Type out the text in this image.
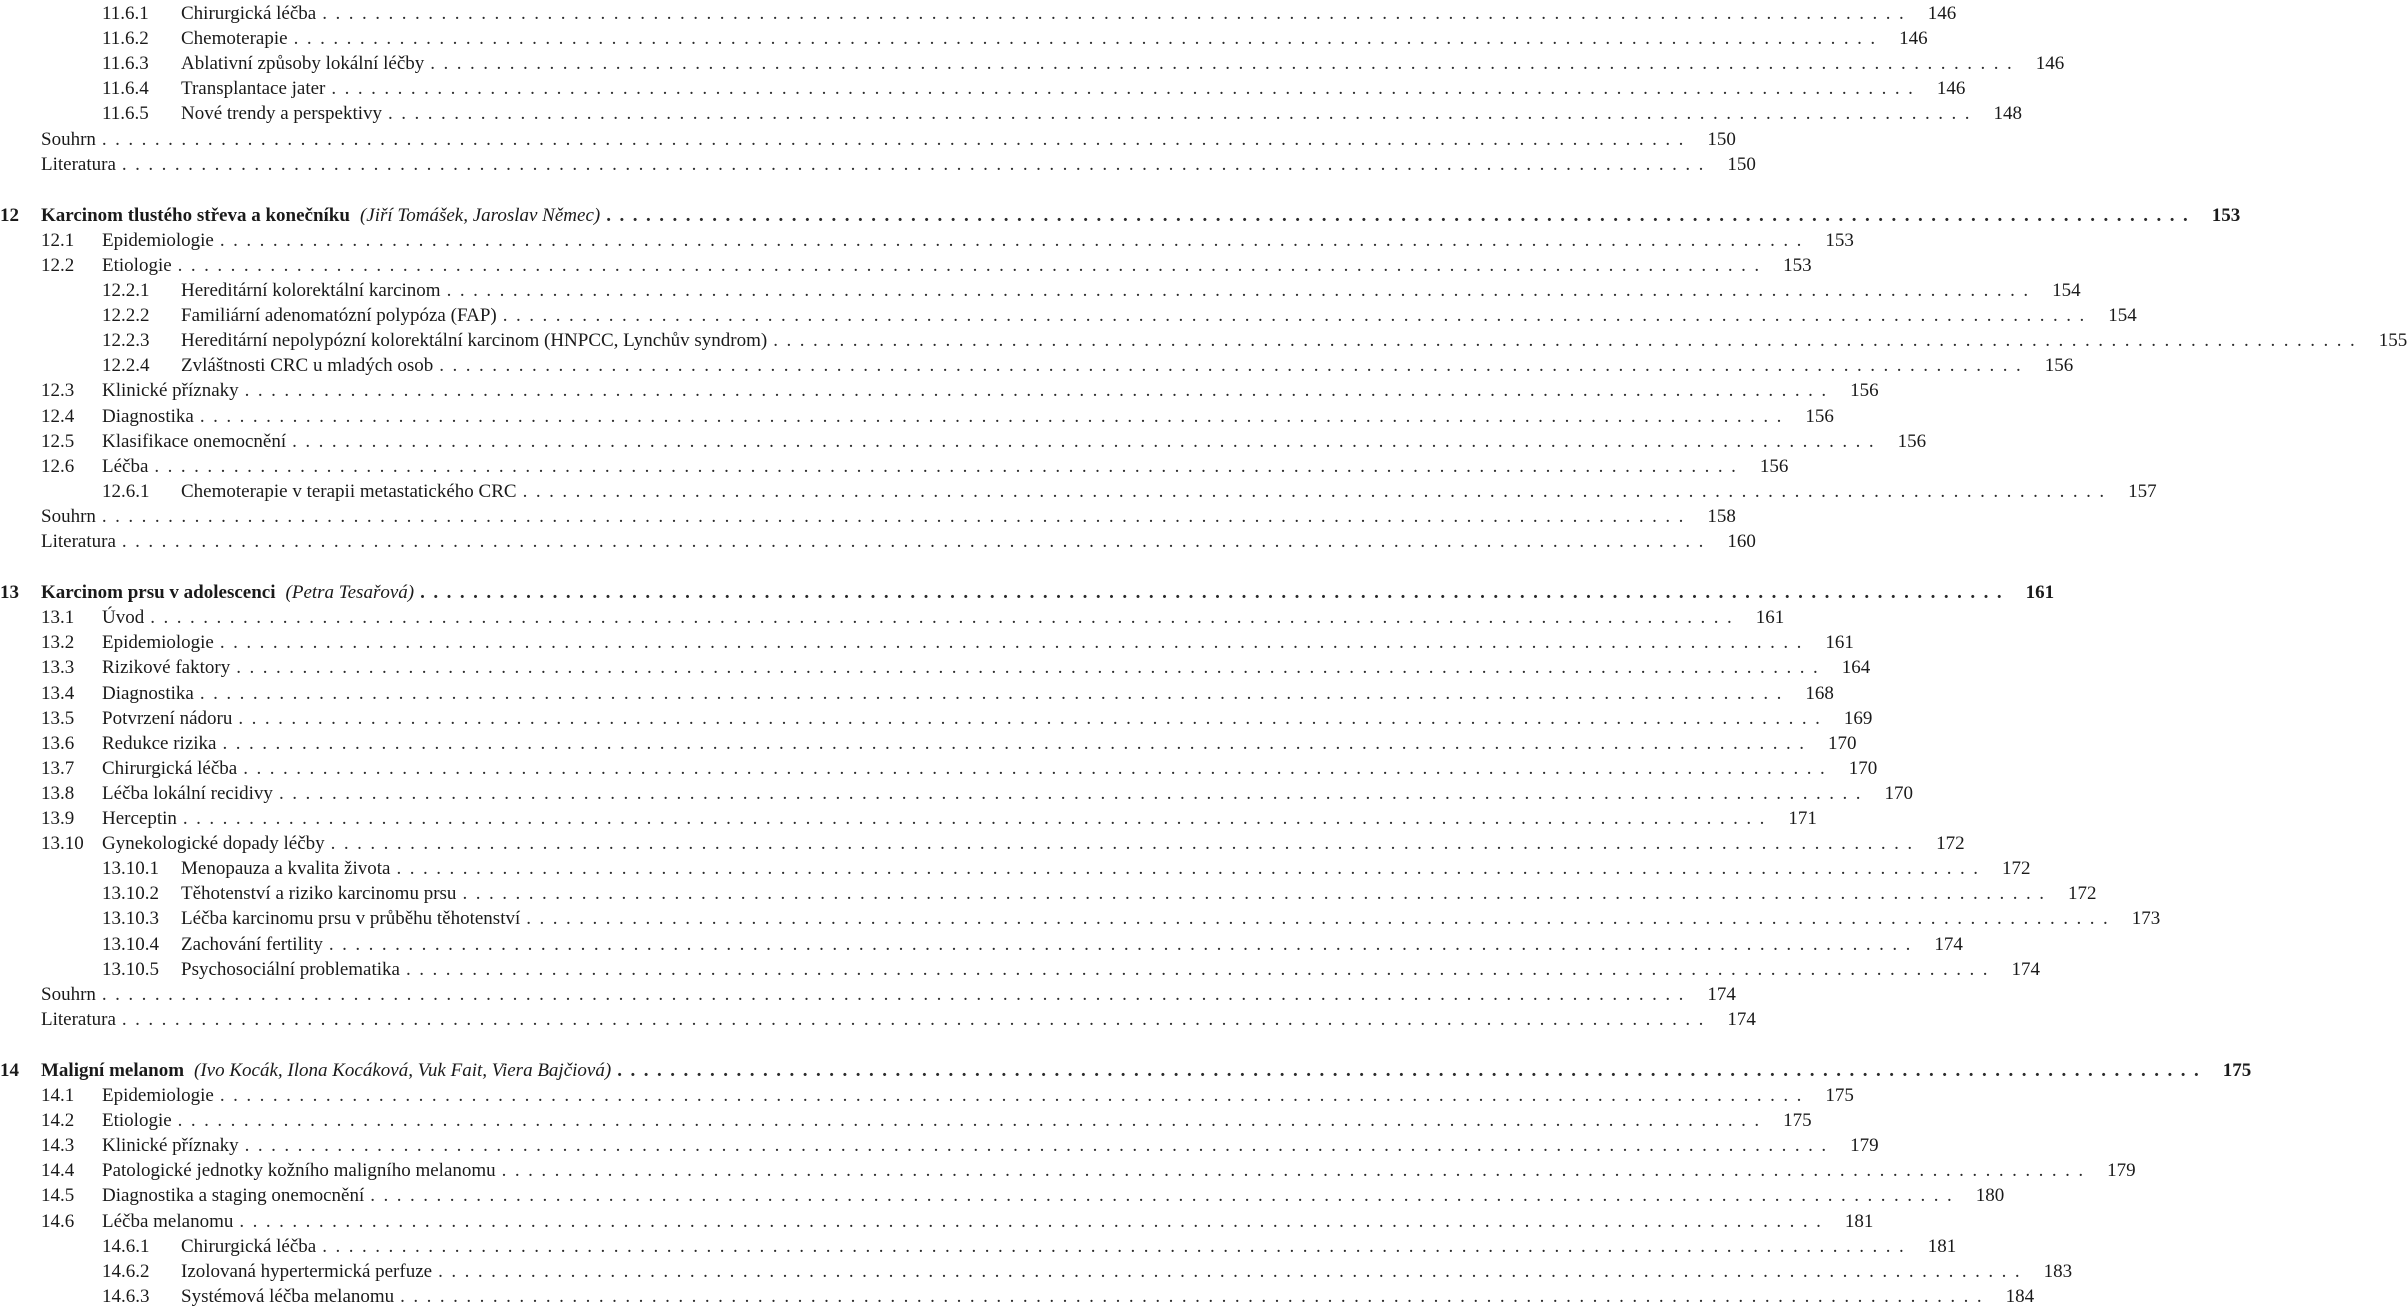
11.6.1 Chirurgická léčba ........................................................................................................................ 146
11.6.2 Chemoterapie ........................................................................................................................ 146
11.6.3 Ablativní způsoby lokální léčby ........................................................................................................................ 146
11.6.4 Transplantace jater ........................................................................................................................ 146
11.6.5 Nové trendy a perspektivy ........................................................................................................................ 148
Souhrn ........................................................................................................................ 150
Literatura ........................................................................................................................ 150
12 Karcinom tlustého střeva a konečníku (Jiří Tomášek, Jaroslav Němec) ........................................................................................................................ 153
12.1 Epidemiologie ........................................................................................................................ 153
12.2 Etiologie ........................................................................................................................ 153
12.2.1 Hereditární kolorektální karcinom ........................................................................................................................ 154
12.2.2 Familiární adenomatózní polypóza (FAP) ........................................................................................................................ 154
12.2.3 Hereditární nepolypózní kolorektální karcinom (HNPCC, Lynchův syndrom) ........................................................................................................................ 155
12.2.4 Zvláštnosti CRC u mladých osob ........................................................................................................................ 156
12.3 Klinické příznaky ........................................................................................................................ 156
12.4 Diagnostika ........................................................................................................................ 156
12.5 Klasifikace onemocnění ........................................................................................................................ 156
12.6 Léčba ........................................................................................................................ 156
12.6.1 Chemoterapie v terapii metastatického CRC ........................................................................................................................ 157
Souhrn ........................................................................................................................ 158
Literatura ........................................................................................................................ 160
13 Karcinom prsu v adolescenci (Petra Tesařová) ........................................................................................................................ 161
13.1 Úvod ........................................................................................................................ 161
13.2 Epidemiologie ........................................................................................................................ 161
13.3 Rizikové faktory ........................................................................................................................ 164
13.4 Diagnostika ........................................................................................................................ 168
13.5 Potvrzení nádoru ........................................................................................................................ 169
13.6 Redukce rizika ........................................................................................................................ 170
13.7 Chirurgická léčba ........................................................................................................................ 170
13.8 Léčba lokální recidivy ........................................................................................................................ 170
13.9 Herceptin ........................................................................................................................ 171
13.10 Gynekologické dopady léčby ........................................................................................................................ 172
13.10.1 Menopauza a kvalita života ........................................................................................................................ 172
13.10.2 Těhotenství a riziko karcinomu prsu ........................................................................................................................ 172
13.10.3 Léčba karcinomu prsu v průběhu těhotenství ........................................................................................................................ 173
13.10.4 Zachování fertility ........................................................................................................................ 174
13.10.5 Psychosociální problematika ........................................................................................................................ 174
Souhrn ........................................................................................................................ 174
Literatura ........................................................................................................................ 174
14 Maligní melanom (Ivo Kocák, Ilona Kocáková, Vuk Fait, Viera Bajčiová) ........................................................................................................................ 175
14.1 Epidemiologie ........................................................................................................................ 175
14.2 Etiologie ........................................................................................................................ 175
14.3 Klinické příznaky ........................................................................................................................ 179
14.4 Patologické jednotky kožního maligního melanomu ........................................................................................................................ 179
14.5 Diagnostika a staging onemocnění ........................................................................................................................ 180
14.6 Léčba melanomu ........................................................................................................................ 181
14.6.1 Chirurgická léčba ........................................................................................................................ 181
14.6.2 Izolovaná hypertermická perfuze ........................................................................................................................ 183
14.6.3 Systémová léčba melanomu ........................................................................................................................ 184
